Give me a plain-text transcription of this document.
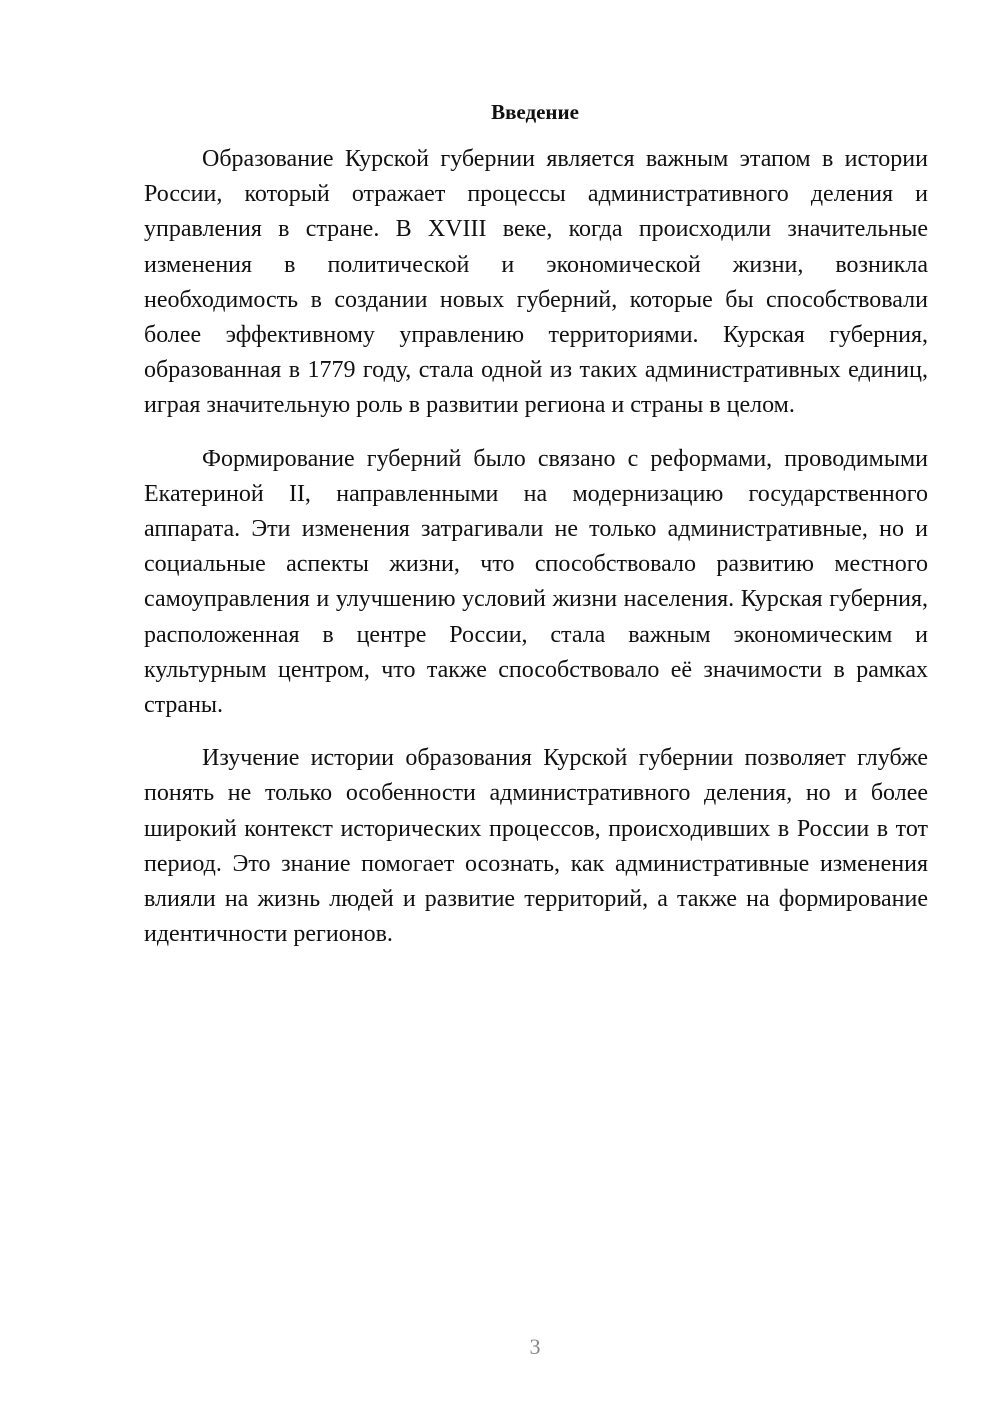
Введение

Образование Курской губернии является важным этапом в истории России, который отражает процессы административного деления и управления в стране. В XVIII веке, когда происходили значительные изменения в политической и экономической жизни, возникла необходимость в создании новых губерний, которые бы способствовали более эффективному управлению территориями. Курская губерния, образованная в 1779 году, стала одной из таких административных единиц, играя значительную роль в развитии региона и страны в целом.

Формирование губерний было связано с реформами, проводимыми Екатериной II, направленными на модернизацию государственного аппарата. Эти изменения затрагивали не только административные, но и социальные аспекты жизни, что способствовало развитию местного самоуправления и улучшению условий жизни населения. Курская губерния, расположенная в центре России, стала важным экономическим и культурным центром, что также способствовало её значимости в рамках страны.

Изучение истории образования Курской губернии позволяет глубже понять не только особенности административного деления, но и более широкий контекст исторических процессов, происходивших в России в тот период. Это знание помогает осознать, как административные изменения влияли на жизнь людей и развитие территорий, а также на формирование идентичности регионов.

3
